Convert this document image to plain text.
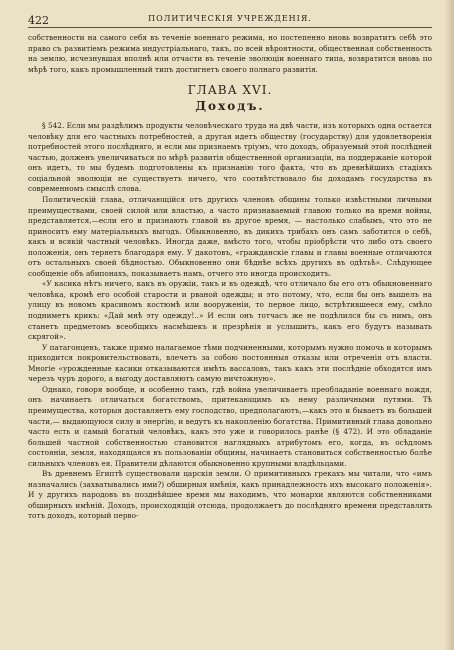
422	ПОЛИТИЧЕСКІЯ УЧРЕЖДЕНІЯ.

собственности на самого себя въ теченіе военнаго режима, но постепенно вновь возвратитъ себѣ это право съ развитіемъ режима индустріальнаго, такъ, по всей вѣроятности, общественная собственность на землю, исчезнувшая вполнѣ или отчасти въ теченіе эволюціи военнаго типа, возвратится вновь по мѣрѣ того, какъ промышленный типъ достигнетъ своего полнаго развитія.

ГЛАВА XVI.
Доходъ.

§ 542. Если мы раздѣлимъ продукты человѣческаго труда на двѣ части, изъ которыхъ одна остается человѣку для его частныхъ потребностей, а другая идетъ обществу (государству) для удовлетворенія потребностей этого послѣдняго, и если мы признаемъ тріумъ, что доходъ, образуемый этой послѣдней частью, долженъ увеличиваться по мѣрѣ развитія общественной организаціи, на поддержаніе которой онъ идетъ, то мы будемъ подготовлены къ признанію того факта, что въ древнѣйшихъ стадіяхъ соціальной эволюціи не существуетъ ничего, что соотвѣтствовало бы доходамъ государства въ современномъ смыслѣ слова.

Политическій глава, отличающійся отъ другихъ членовъ общины только извѣстными личными преимуществами, своей силой или властью, а часто признаваемый главою только на время войны, представляется,—если его и признають главой въ другое время, — настолько слабымъ, что это не приноситъ ему матеріальныхъ выгодъ. Обыкновенно, въ дикихъ трибахъ онъ самъ заботится о себѣ, какъ и всякій частный человѣкъ. Иногда даже, вмѣсто того, чтобы пріобрѣсти что либо отъ своего положенія, онъ теряетъ благодаря ему. У дакотовъ, «гражданскіе главы и главы военные отличаются отъ остальныхъ своей бѣдностью. Обыкновенно они бѣднѣе всѣхъ другихъ въ одѣтьѣ». Слѣдующее сообщеніе объ абипонахъ, показываетъ намъ, отчего это иногда происходитъ.

«У касика нѣтъ ничего, какъ въ оружіи, такъ и въ одеждѣ, что отличало бы его отъ обыкновеннаго человѣка, кромѣ его особой старости и рваной одежды; и это потому, что, если бы онъ вышелъ на улицу въ новомъ красивомъ костюмѣ или вооруженіи, то первое лицо, встрѣтившееся ему, смѣло подниметъ крикъ: «Дай мнѣ эту одежду!..» И если онъ тотчасъ же не подѣлился бы съ нимъ, онъ станетъ предметомъ всеобщихъ насмѣшекъ и презрѣнія и услышитъ, какъ его будутъ называть скрягой».

У патагонцевъ, также прямо налагаемое тѣми подчиненными, которымъ нужно помочь и которымъ приходится покровительствовать, влечетъ за собою постоянныя отказы или отреченія отъ власти. Многіе «урожденные касики отказываются имѣть вассаловъ, такъ какъ эти послѣдніе обходятся имъ черезъ чуръ дорого, а выгоду доставляютъ самую ничтожную».

Однако, говоря вообще, и особенно тамъ, гдѣ война увеличиваетъ преобладаніе военнаго вождя, онъ начинаетъ отличаться богатствомъ, притекающимъ къ нему различными путями. Тѣ преимущества, которыя доставляетъ ему господство, предполагаютъ,—какъ это и бываетъ въ большей части,— выдающуюся силу и энергію, и ведутъ къ накопленію богатства. Примитивный глава довольно часто есть и самый богатый человѣкъ, какъ это уже и говорилось ранѣе (§ 472). И это обладаніе большей частной собственностью становится наглядныхъ атрибутомъ его, когда, въ осѣдломъ состояніи, земля, находящаяся въ пользованіи общины, начинаетъ становиться собственностью болѣе сильныхъ членовъ ея. Правители дѣлаются обыкновенно крупными владѣльцами.

Въ древнемъ Египтѣ существовали царскія земли. О примитивныхъ грекахъ мы читали, что «имъ назначались (захватывались ими?) обширныя имѣнія, какъ принадлежность ихъ высокаго положенія». И у другихъ народовъ въ позднѣйшее время мы находимъ, что монархи являются собственниками обширныхъ имѣній. Доходъ, происходящій отсюда, продолжаетъ до послѣдняго времени представлять тотъ доходъ, который перво-
